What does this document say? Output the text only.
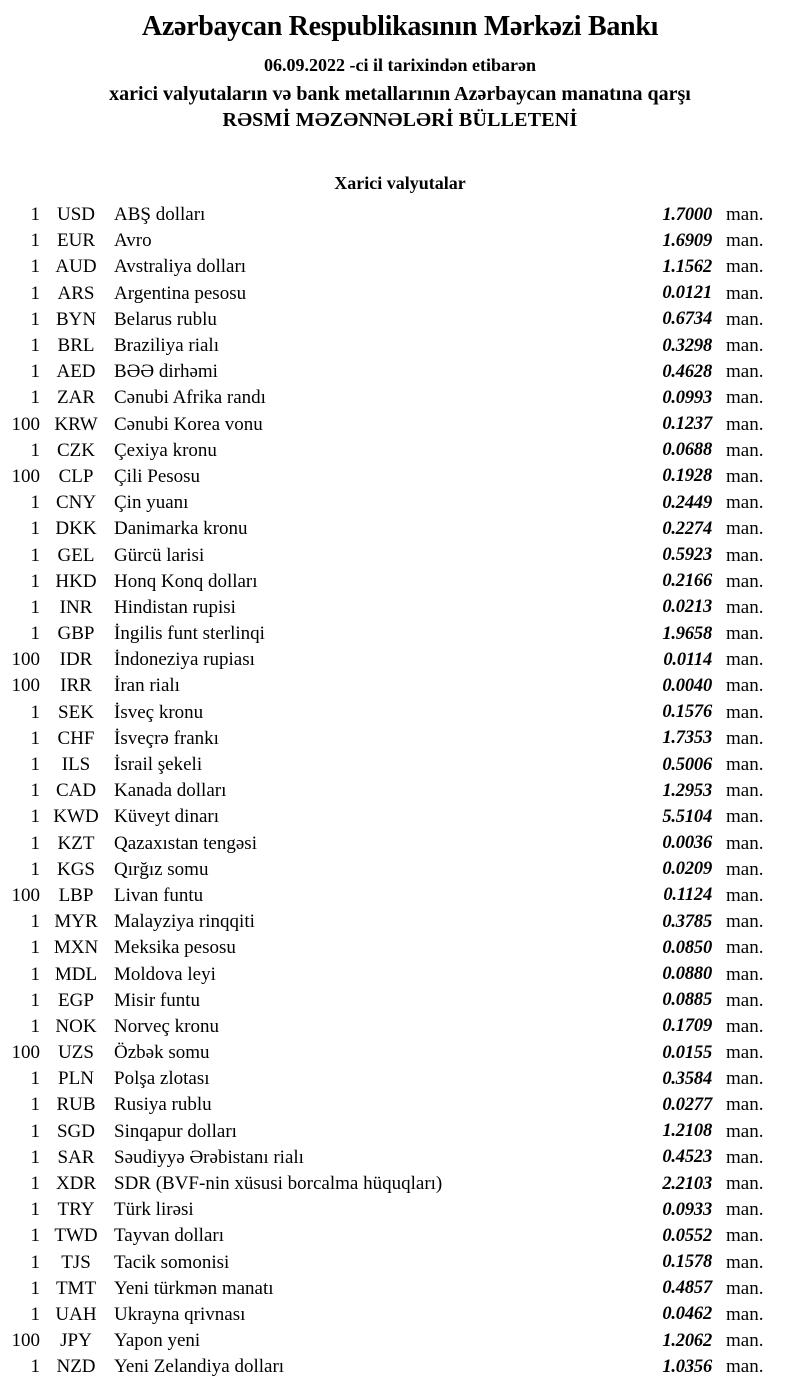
Azərbaycan Respublikasının Mərkəzi Bankı
06.09.2022 -ci il tarixindən etibarən
xarici valyutaların və bank metallarının Azərbaycan manatına qarşı
RƏSMİ MƏZƏNNƏLƏRİ BÜLLETENİ
Xarici valyutalar
1 USD	ABŞ dolları	1.7000 man.
1 EUR	Avro	1.6909 man.
1 AUD Avstraliya dolları	1.1562 man.
1 ARS	Argentina pesosu	0.0121 man.
1 BYN Belarus rublu	0.6734 man.
1 BRL	Braziliya rialı	0.3298 man.
1 AED BƏƏ dirhəmi	0.4628 man.
1 ZAR	Cənubi Afrika randı	0.0993 man.
100 KRW Cənubi Korea vonu	0.1237 man.
1 CZK	Çexiya kronu	0.0688 man.
100 CLP	Çili Pesosu	0.1928 man.
1 CNY Çin yuanı	0.2449 man.
1 DKK Danimarka kronu	0.2274 man.
1 GEL	Gürcü larisi	0.5923 man.
1 HKD Honq Konq dolları	0.2166 man.
1	INR	Hindistan rupisi	0.0213 man.
1 GBP	İngilis funt sterlinqi	1.9658 man.
100	IDR	İndoneziya rupiası	0.0114 man.
100	IRR	İran rialı	0.0040 man.
1 SEK	İsveç kronu	0.1576 man.
1 CHF	İsveçrə frankı	1.7353 man.
1	ILS	İsrail şekeli	0.5006 man.
1 CAD Kanada dolları	1.2953 man.
1 KWD Küveyt dinarı	5.5104 man.
1 KZT	Qazaxıstan tengəsi	0.0036 man.
1 KGS	Qırğız somu	0.0209 man.
100 LBP	Livan funtu	0.1124 man.
1 MYR Malayziya rinqqiti	0.3785 man.
1 MXN Meksika pesosu	0.0850 man.
1 MDL Moldova leyi	0.0880 man.
1 EGP	Misir funtu	0.0885 man.
1 NOK Norveç kronu	0.1709 man.
100 UZS	Özbək somu	0.0155 man.
1 PLN	Polşa zlotası	0.3584 man.
1 RUB Rusiya rublu	0.0277 man.
1 SGD	Sinqapur dolları	1.2108 man.
1 SAR	Səudiyyə Ərəbistanı rialı	0.4523 man.
1 XDR SDR (BVF-nin xüsusi borcalma hüquqları)	2.2103 man.
1 TRY	Türk lirəsi	0.0933 man.
1 TWD Tayvan dolları	0.0552 man.
1	TJS	Tacik somonisi	0.1578 man.
1 TMT Yeni türkmən manatı	0.4857 man.
1 UAH Ukrayna qrivnası	0.0462 man.
100	JPY	Yapon yeni	1.2062 man.
1 NZD Yeni Zelandiya dolları	1.0356 man.
